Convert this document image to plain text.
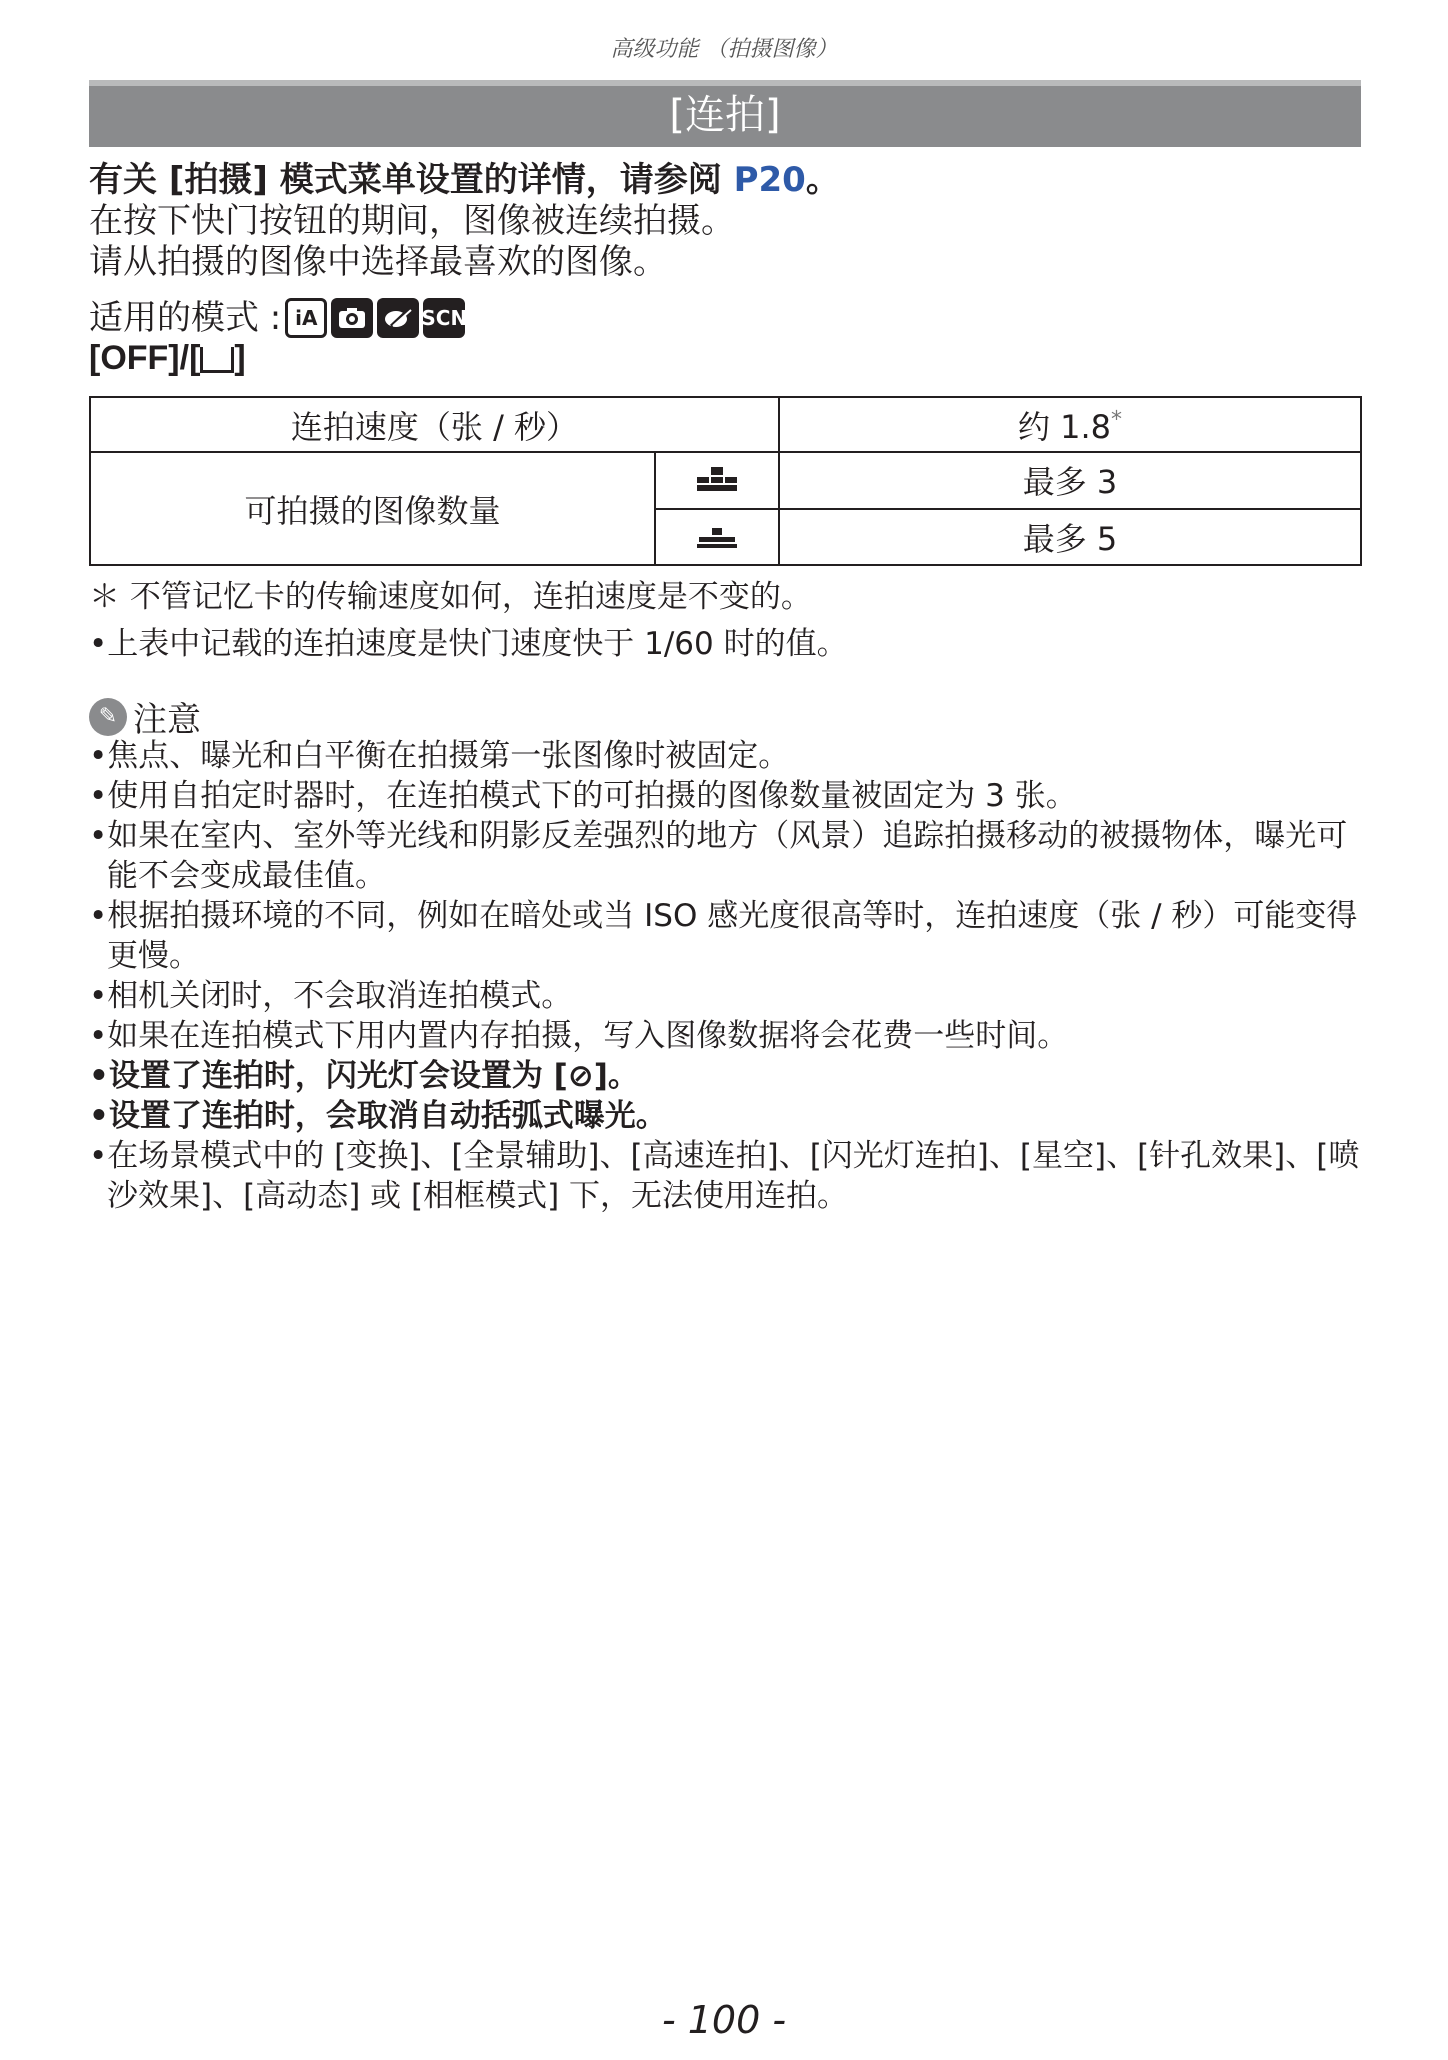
高级功能 （拍摄图像）
[连拍]
有关 [拍摄] 模式菜单设置的详情，请参阅 P20。
在按下快门按钮的期间，图像被连续拍摄。
请从拍摄的图像中选择最喜欢的图像。
适用的模式 : iA	SCN
[OFF]/[ ]
连拍速度（张 / 秒）		约 1.8*
可拍摄的图像数量		最多 3
	最多 5
＊ 不管记忆卡的传输速度如何，连拍速度是不变的。
•上表中记载的连拍速度是快门速度快于 1/60 时的值。
✎ 注意
•焦点、曝光和白平衡在拍摄第一张图像时被固定。
•使用自拍定时器时，在连拍模式下的可拍摄的图像数量被固定为 3 张。
•如果在室内、室外等光线和阴影反差强烈的地方（风景）追踪拍摄移动的被摄物体，曝光可能不会变成最佳值。
•根据拍摄环境的不同，例如在暗处或当 ISO 感光度很高等时，连拍速度（张 / 秒）可能变得更慢。
•相机关闭时，不会取消连拍模式。
•如果在连拍模式下用内置内存拍摄，写入图像数据将会花费一些时间。
•设置了连拍时，闪光灯会设置为 [⊘]。
•设置了连拍时，会取消自动括弧式曝光。
•在场景模式中的 [变换]、[全景辅助]、[高速连拍]、[闪光灯连拍]、[星空]、[针孔效果]、[喷沙效果]、[高动态] 或 [相框模式] 下，无法使用连拍。
- 100 -
